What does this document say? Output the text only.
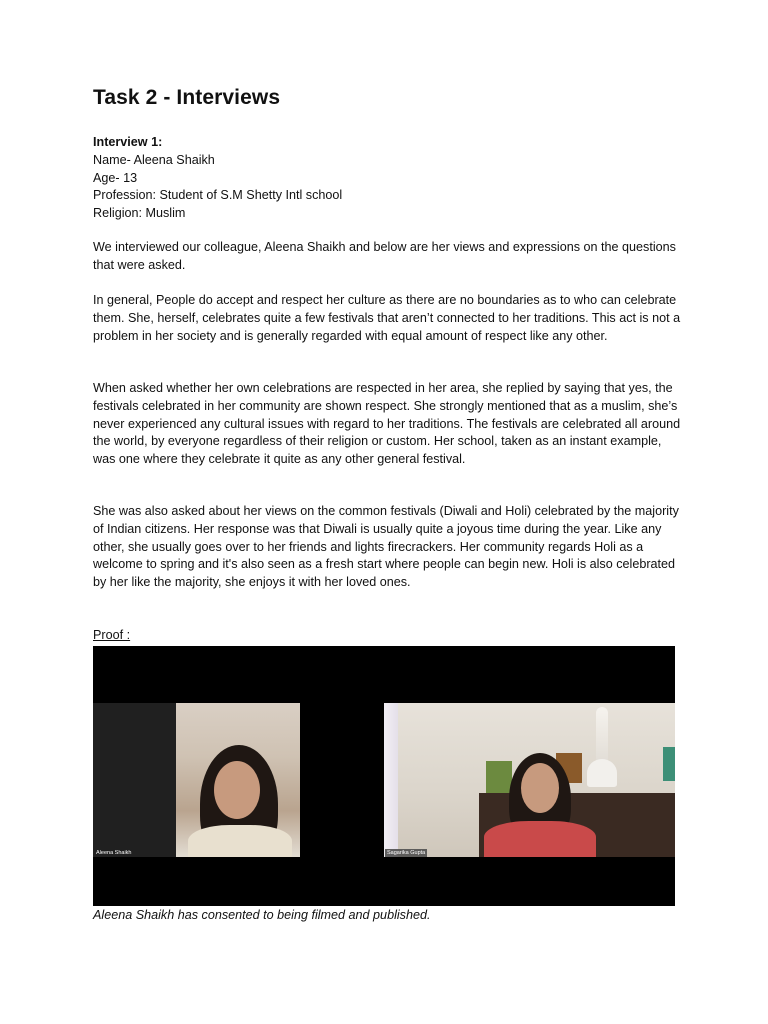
Task 2 - Interviews

Interview 1:

Name- Aleena Shaikh

Age- 13

Profession: Student of S.M Shetty Intl school

Religion: Muslim

We interviewed our colleague, Aleena Shaikh and below are her views and expressions on the questions that were asked.

In general, People do accept and respect her culture as there are no boundaries as to who can celebrate them. She, herself, celebrates quite a few festivals that aren’t connected to her traditions. This act is not a problem in her society and is generally regarded with equal amount of respect like any other.

When asked whether her own celebrations are respected in her area, she replied by saying that yes, the festivals celebrated in her community are shown respect. She strongly mentioned that as a muslim, she’s never experienced any cultural issues with regard to her traditions. The festivals are celebrated all around the world, by everyone regardless of their religion or custom. Her school, taken as an instant example, was one where they celebrate it quite as any other general festival.

She was also asked about her views on the common festivals (Diwali and Holi) celebrated by the majority of Indian citizens. Her response was that Diwali is usually quite a joyous time during the year. Like any other, she usually goes over to her friends and lights firecrackers. Her community regards Holi as a welcome to spring and it's also seen as a fresh start where people can begin new. Holi is also celebrated by her like the majority, she enjoys it with her loved ones.

Proof :
Aleena Shaikh	Sagarika Gupta
Aleena Shaikh has consented to being filmed and published.
